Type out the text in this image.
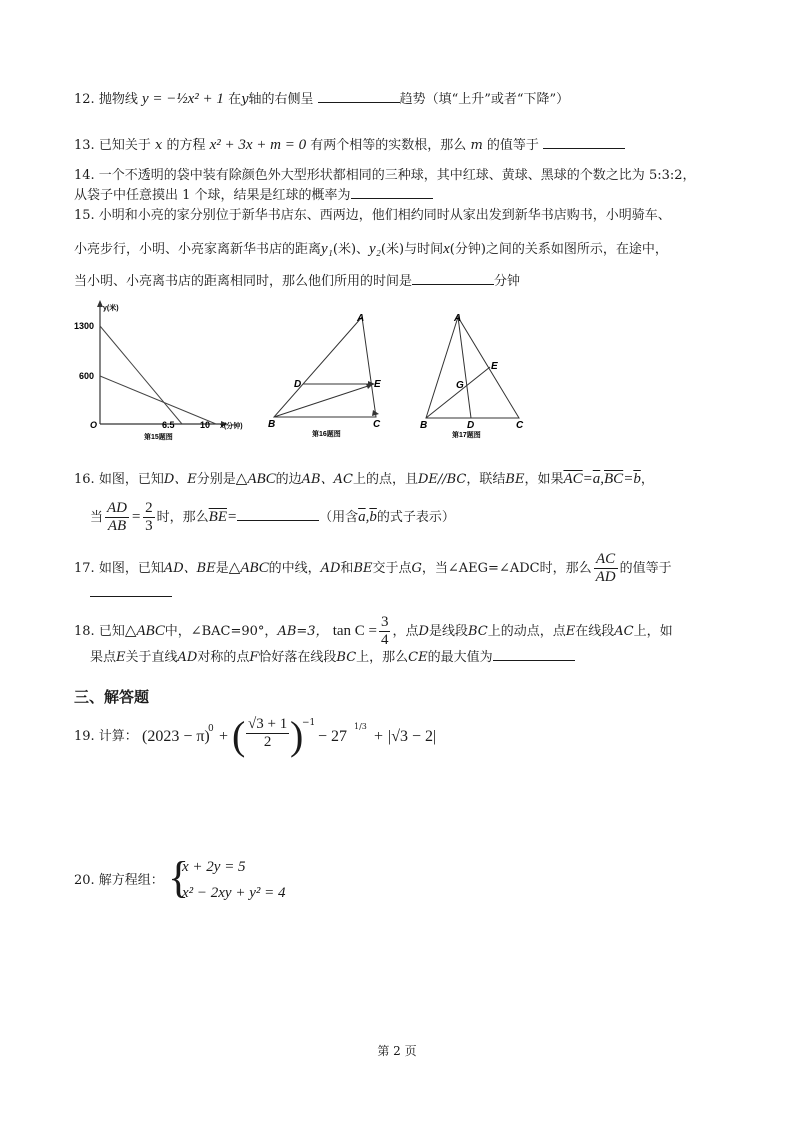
12. 抛物线 y = −½x² + 1 在y轴的右侧呈	趋势（填“上升”或者“下降”）
13. 已知关于 x 的方程 x² + 3x + m = 0 有两个相等的实数根，那么 m 的值等于
14. 一个不透明的袋中装有除颜色外大型形状都相同的三种球，其中红球、黄球、黑球的个数之比为 5:3:2，
从袋子中任意摸出 1 个球，结果是红球的概率为
15. 小明和小亮的家分别位于新华书店东、西两边，他们相约同时从家出发到新华书店购书，小明骑车、
小亮步行，小明、小亮家离新华书店的距离y₁(米)、y₂(米)与时间x(分钟)之间的关系如图所示，在途中，
当小明、小亮离书店的距离相同时，那么他们所用的时间是	分钟
y(米)
1300
600
O	6.5	10 x(分钟)
第15题图
A
D	E
B	C
第16题图
A
E
G
B	D	C
第17题图
16. 如图，已知D、E分别是△ABC的边AB、AC上的点，且DE//BC，联结BE，如果$\overline{AC}=\overline{a},\overline{BC}=\overline{b}$，
当 $\frac{AD}{AB} = \frac{2}{3}$ 时，那么$\overline{BE}=$	（用含$\overline{a},\overline{b}$的式子表示）
17. 如图，已知AD、BE是△ABC的中线，AD和BE交于点G，当∠AEG=∠ADC时，那么 $\frac{AC}{AD}$ 的值等于
18. 已知△ABC中，∠BAC=90°，AB=3， $\tan C = \frac{3}{4}$ ，点D是线段BC上的动点，点E在线段AC上，如
果点E关于直线AD对称的点F恰好落在线段BC上，那么CE的最大值为
三、解答题
19. 计算： (2023 − π)
0 + ( $\frac{√3 + 1}{2}$ )
−1
− 27
1/3
+ |√3 − 2|
20. 解方程组： {
x + 2y = 5
x² − 2xy + y² = 4
第 2 页
